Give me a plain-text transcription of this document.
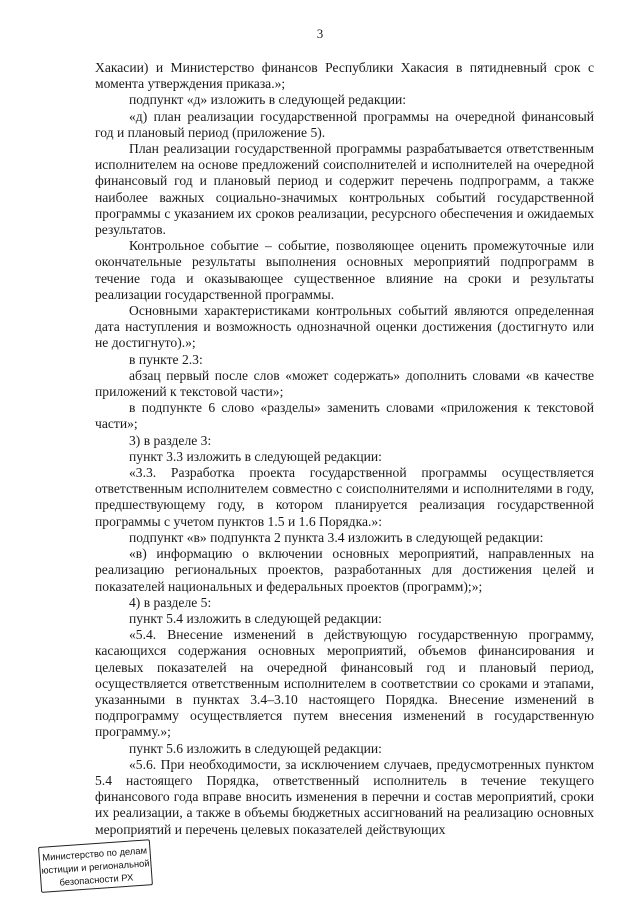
3

Хакасии) и Министерство финансов Республики Хакасия в пятидневный срок с момента утверждения приказа.»;

подпункт «д» изложить в следующей редакции:

«д) план реализации государственной программы на очередной финансовый год и плановый период (приложение 5).

План реализации государственной программы разрабатывается ответственным исполнителем на основе предложений соисполнителей и исполнителей на очередной финансовый год и плановый период и содержит перечень подпрограмм, а также наиболее важных социально-значимых контрольных событий государственной программы с указанием их сроков реализации, ресурсного обеспечения и ожидаемых результатов.

Контрольное событие – событие, позволяющее оценить промежуточные или окончательные результаты выполнения основных мероприятий подпрограмм в течение года и оказывающее существенное влияние на сроки и результаты реализации государственной программы.

Основными характеристиками контрольных событий являются определенная дата наступления и возможность однозначной оценки достижения (достигнуто или не достигнуто).»;

в пункте 2.3:

абзац первый после слов «может содержать» дополнить словами «в качестве приложений к текстовой части»;

в подпункте 6 слово «разделы» заменить словами «приложения к текстовой части»;

3) в разделе 3:

пункт 3.3 изложить в следующей редакции:

«3.3. Разработка проекта государственной программы осуществляется ответственным исполнителем совместно с соисполнителями и исполнителями в году, предшествующему году, в котором планируется реализация государственной программы с учетом пунктов 1.5 и 1.6 Порядка.»:

подпункт «в» подпункта 2 пункта 3.4 изложить в следующей редакции:

«в) информацию о включении основных мероприятий, направленных на реализацию региональных проектов, разработанных для достижения целей и показателей национальных и федеральных проектов (программ);»;

4) в разделе 5:

пункт 5.4 изложить в следующей редакции:

«5.4. Внесение изменений в действующую государственную программу, касающихся содержания основных мероприятий, объемов финансирования и целевых показателей на очередной финансовый год и плановый период, осуществляется ответственным исполнителем в соответствии со сроками и этапами, указанными в пунктах 3.4–3.10 настоящего Порядка. Внесение изменений в подпрограмму осуществляется путем внесения изменений в государственную программу.»;

пункт 5.6 изложить в следующей редакции:

«5.6. При необходимости, за исключением случаев, предусмотренных пунктом 5.4 настоящего Порядка, ответственный исполнитель в течение текущего финансового года вправе вносить изменения в перечни и состав мероприятий, сроки их реализации, а также в объемы бюджетных ассигнований на реализацию основных мероприятий и перечень целевых показателей действующих

Министерство по делам
юстиции и региональной
безопасности РХ
